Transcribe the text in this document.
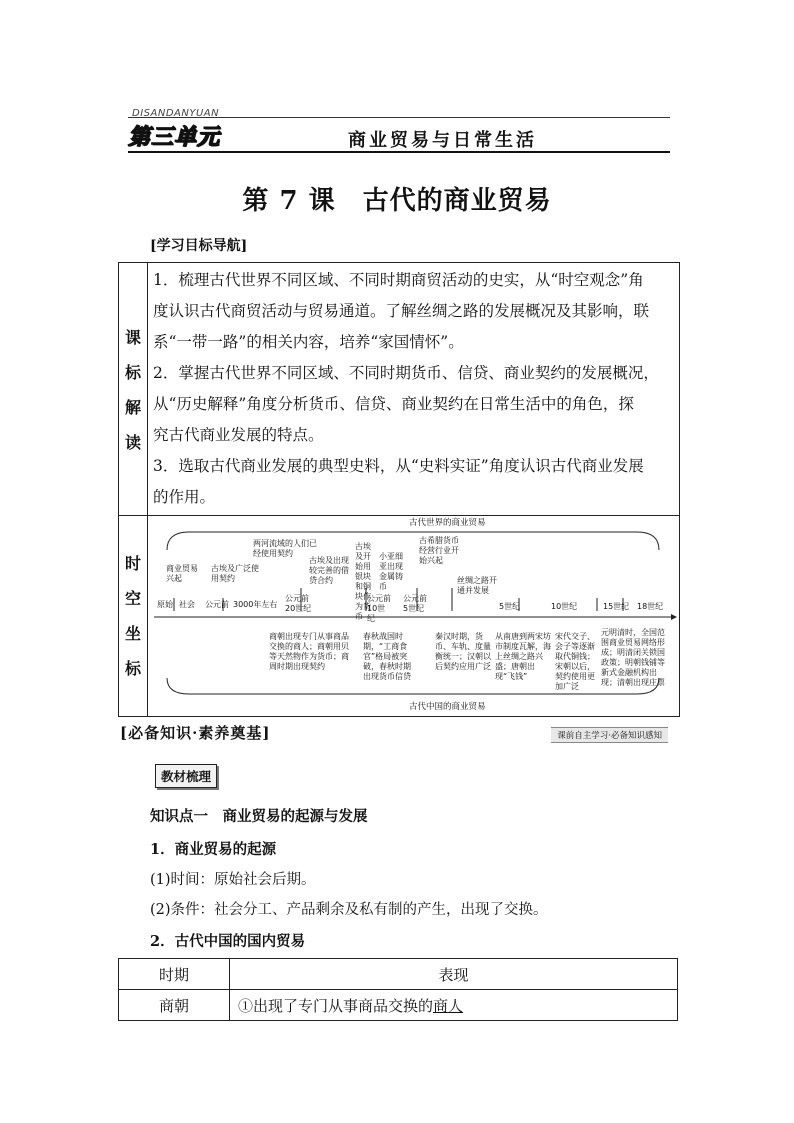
DISANDANYUAN
第三单元	商业贸易与日常生活
第 7 课　古代的商业贸易
[学习目标导航]
课
标
解
读

1．梳理古代世界不同区域、不同时期商贸活动的史实，从“时空观念”角

度认识古代商贸活动与贸易通道。了解丝绸之路的发展概况及其影响，联

系“一带一路”的相关内容，培养“家国情怀”。

2．掌握古代世界不同区域、不同时期货币、信贷、商业契约的发展概况，

从“历史解释”角度分析货币、信贷、商业契约在日常生活中的角色，探

究古代商业发展的特点。

3．选取古代商业发展的典型史料，从“史料实证”角度认识古代商业发展

的作用。

时
空
坐
标
古代世界的商业贸易
古代中国的商业贸易
原始 社会 公元前 3000年左右
公元前20世纪
公元前10世纪
公元前5世纪	5世纪	10世纪	15世纪 18世纪
商业贸易兴起
古埃及广泛使用契约
两河流域的人们已经使用契约
古埃及出现较完善的借贷合约
古埃及开始用银块和铜块作为货币
小亚细亚出现金属铸币
古希腊货币经营行业开始兴起
丝绸之路开通并发展
商朝出现专门从事商品交换的商人；商朝用贝等天然物作为货币；商周时期出现契约
春秋战国时期，“工商食官”格局被突破，春秋时期出现货币信贷
秦汉时期，货币、车轨、度量衡统一；汉朝以后契约应用广泛
从南唐到两宋坊市制度瓦解，海上丝绸之路兴盛；唐朝出现“飞钱”
宋代交子、会子等逐渐取代铜钱；宋朝以后，契约使用更加广泛
元明清时，全国范围商业贸易网络形成；明清闭关锁国政策；明朝钱铺等新式金融机构出现；清朝出现庄票
[必备知识·素养奠基]	课前自主学习·必备知识感知
教材梳理
知识点一　商业贸易的起源与发展
1．商业贸易的起源
(1)时间：原始社会后期。
(2)条件：社会分工、产品剩余及私有制的产生，出现了交换。
2．古代中国的国内贸易
时期	表现
商朝	①出现了专门从事商品交换的商人
